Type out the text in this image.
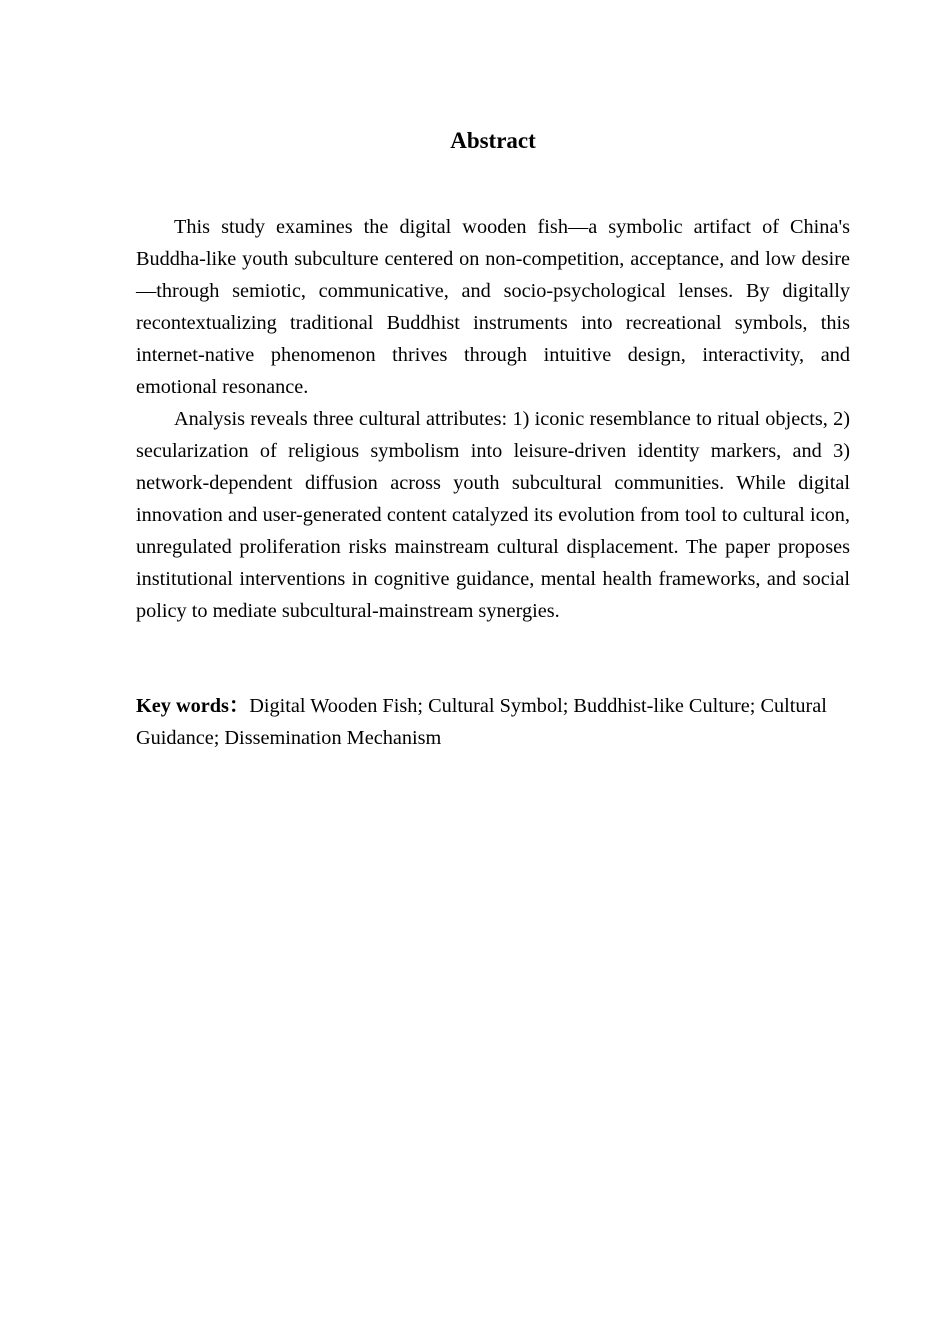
Abstract

This study examines the digital wooden fish—a symbolic artifact of China's Buddha-like youth subculture centered on non-competition, acceptance, and low desire—through semiotic, communicative, and socio-psychological lenses. By digitally recontextualizing traditional Buddhist instruments into recreational symbols, this internet-native phenomenon thrives through intuitive design, interactivity, and emotional resonance.

Analysis reveals three cultural attributes: 1) iconic resemblance to ritual objects, 2) secularization of religious symbolism into leisure-driven identity markers, and 3) network-dependent diffusion across youth subcultural communities. While digital innovation and user-generated content catalyzed its evolution from tool to cultural icon, unregulated proliferation risks mainstream cultural displacement. The paper proposes institutional interventions in cognitive guidance, mental health frameworks, and social policy to mediate subcultural-mainstream synergies.

Key words：Digital Wooden Fish; Cultural Symbol; Buddhist-like Culture; Cultural Guidance; Dissemination Mechanism
